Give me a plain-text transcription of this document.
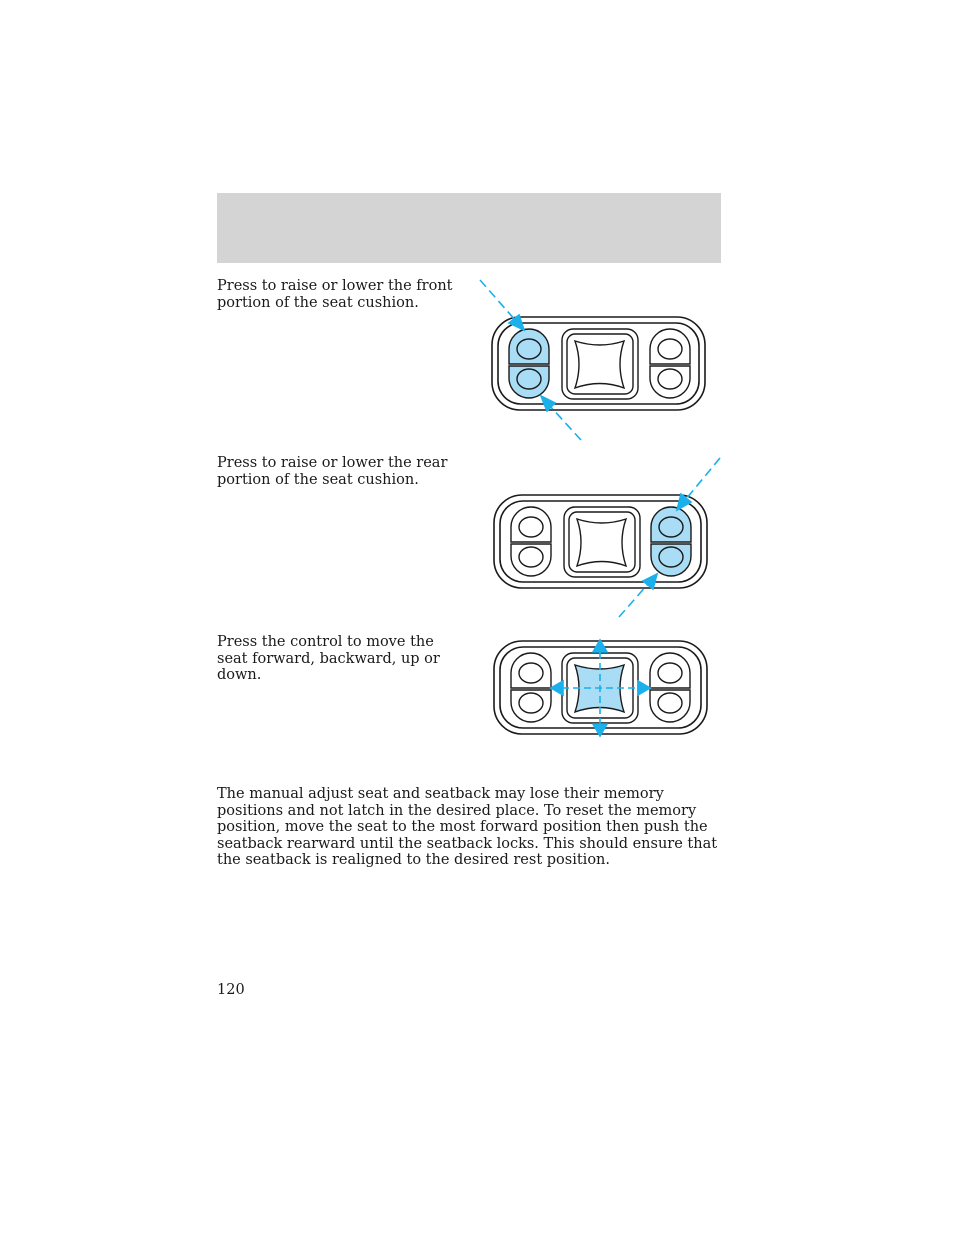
Press to raise or lower the front portion of the seat cushion.
Press to raise or lower the rear portion of the seat cushion.
Press the control to move the seat forward, backward, up or down.
The manual adjust seat and seatback may lose their memory positions and not latch in the desired place. To reset the memory position, move the seat to the most forward position then push the seatback rearward until the seatback locks. This should ensure that the seatback is realigned to the desired rest position.
120
